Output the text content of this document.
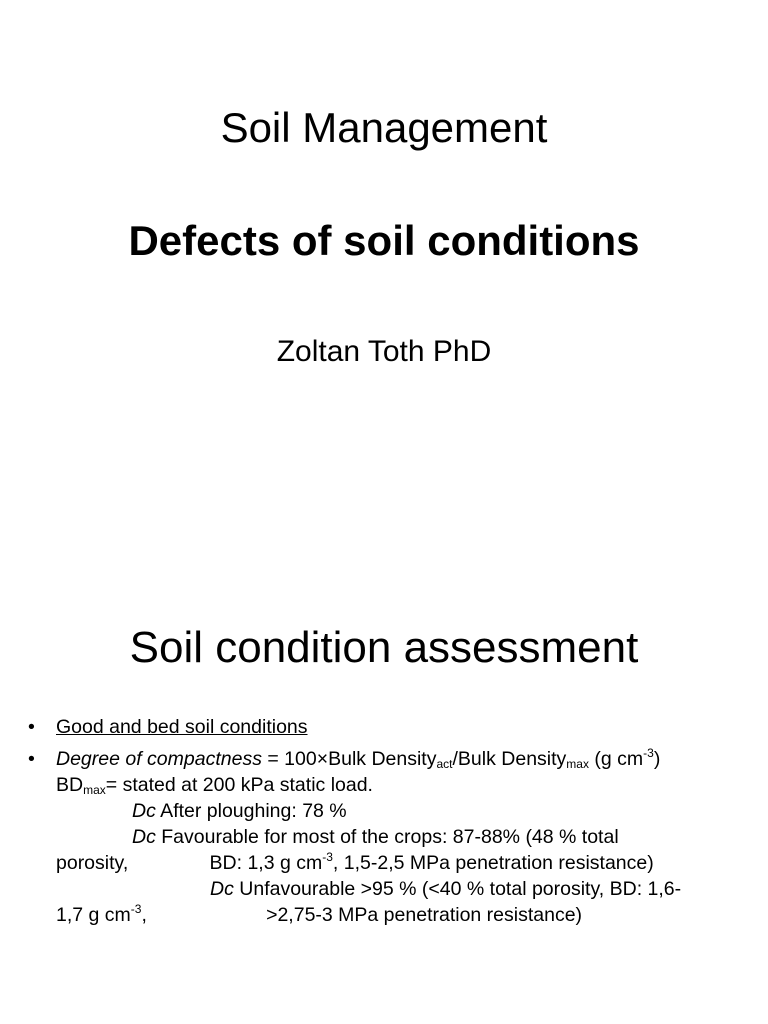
Soil Management
Defects of soil conditions
Zoltan Toth PhD
Soil condition assessment
• Good and bed soil conditions
• Degree of compactness = 100×Bulk Density$_{act}$/Bulk Density$_{max}$ (g $cm^{-3}$)
$BD_{max}=$ stated at 200 kPa static load.
Dc After ploughing: 78 %
Dc Favourable for most of the crops: 87-88% (48 % total
porosity,               BD: 1,3 g $cm^{-3}$, 1,5-2,5 MPa penetration resistance)
Dc Unfavourable >95 % (<40 % total porosity, BD: 1,6-
1,7 g $cm^{-3}$,                      >2,75-3 MPa penetration resistance)
